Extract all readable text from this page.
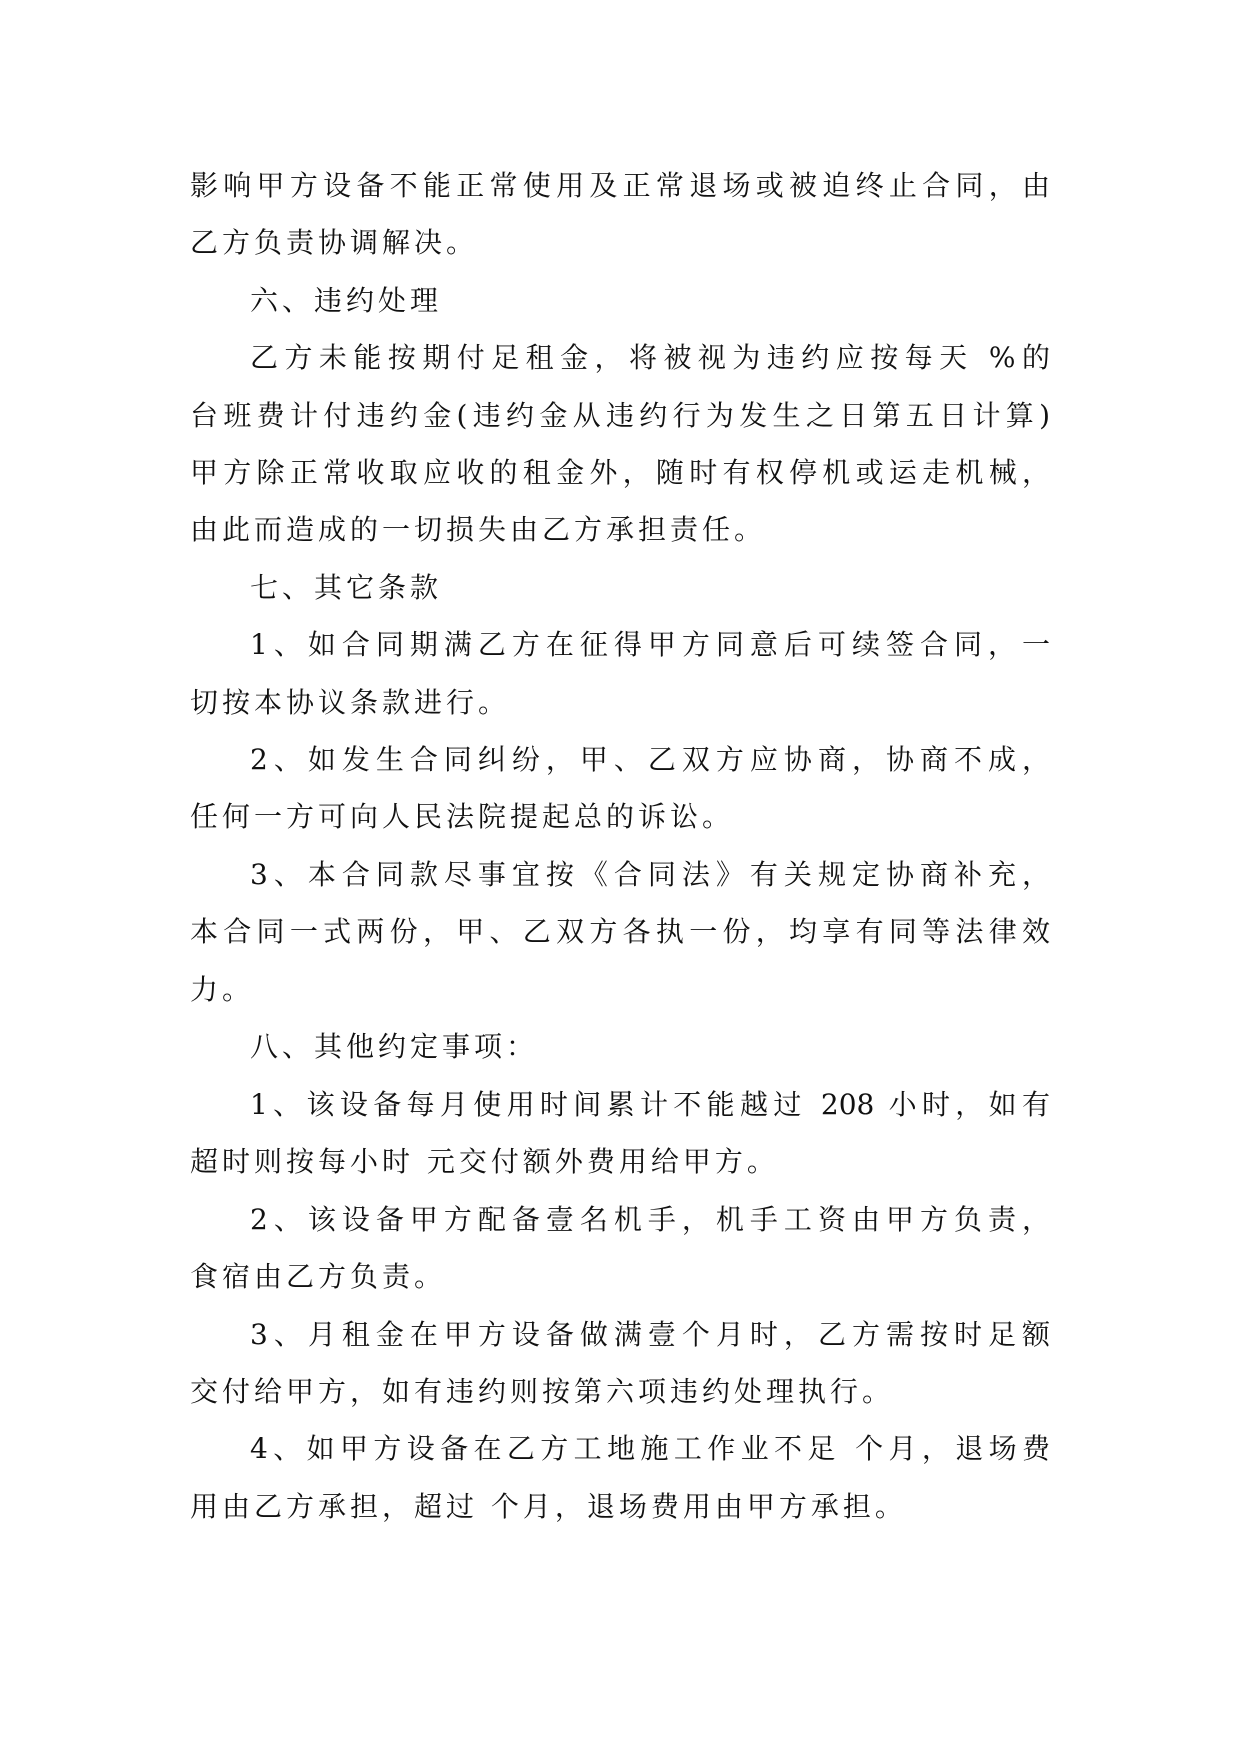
影响甲方设备不能正常使用及正常退场或被迫终止合同，由
乙方负责协调解决。
六、违约处理
乙方未能按期付足租金，将被视为违约应按每天 %的
台班费计付违约金(违约金从违约行为发生之日第五日计算)
甲方除正常收取应收的租金外，随时有权停机或运走机械，
由此而造成的一切损失由乙方承担责任。
七、其它条款
1、如合同期满乙方在征得甲方同意后可续签合同，一
切按本协议条款进行。
2、如发生合同纠纷，甲、乙双方应协商，协商不成，
任何一方可向人民法院提起总的诉讼。
3、本合同款尽事宜按《合同法》有关规定协商补充，
本合同一式两份，甲、乙双方各执一份，均享有同等法律效
力。
八、其他约定事项：
1、该设备每月使用时间累计不能越过 208 小时，如有
超时则按每小时 元交付额外费用给甲方。
2、该设备甲方配备壹名机手，机手工资由甲方负责，
食宿由乙方负责。
3、月租金在甲方设备做满壹个月时，乙方需按时足额
交付给甲方，如有违约则按第六项违约处理执行。
4、如甲方设备在乙方工地施工作业不足 个月，退场费
用由乙方承担，超过 个月，退场费用由甲方承担。
